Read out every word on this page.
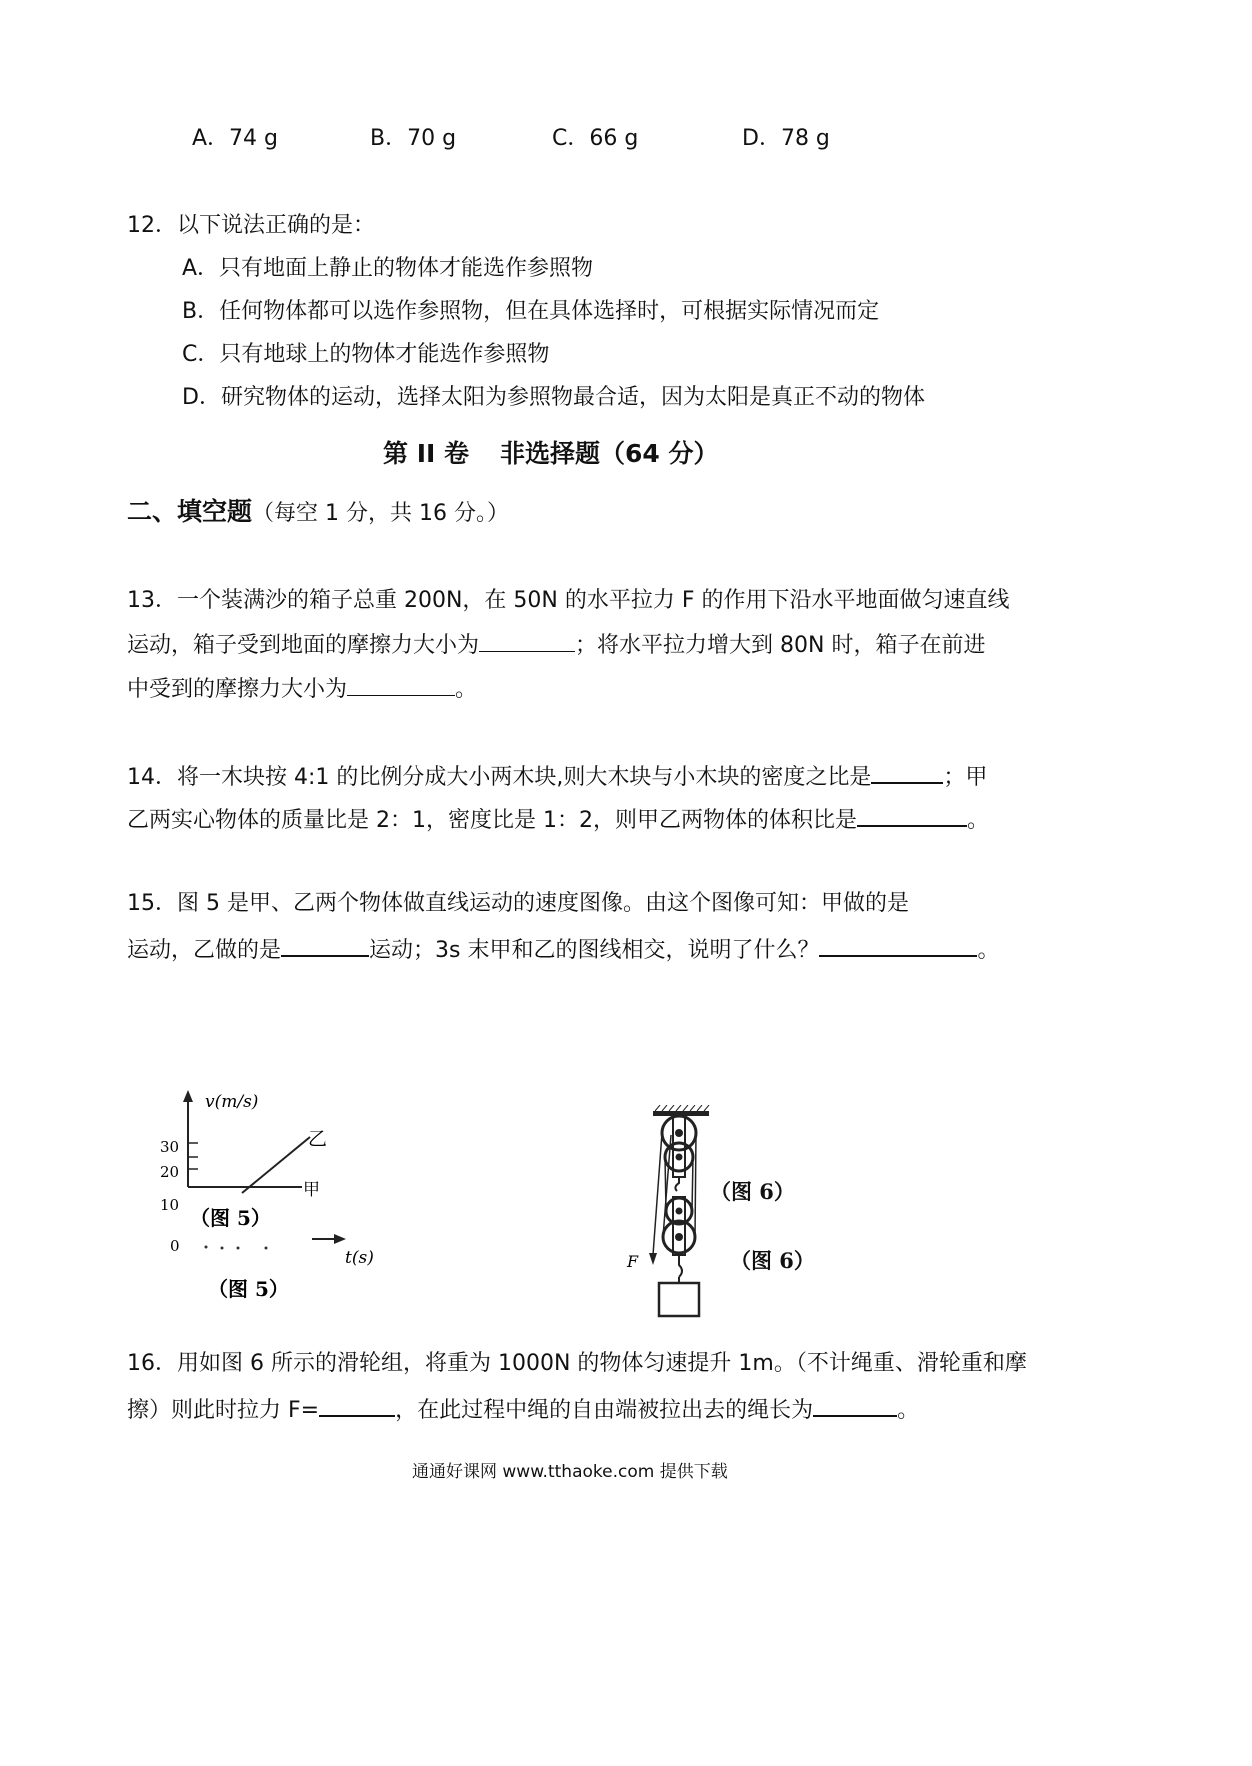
A．74 g	B．70 g	C．66 g	D．78 g
12．以下说法正确的是：
A．只有地面上静止的物体才能选作参照物
B．任何物体都可以选作参照物，但在具体选择时，可根据实际情况而定
C．只有地球上的物体才能选作参照物
D．研究物体的运动，选择太阳为参照物最合适，因为太阳是真正不动的物体
第 II 卷 非选择题（64 分）
二、填空题（每空 1 分，共 16 分。）
13．一个装满沙的箱子总重 200N，在 50N 的水平拉力 F 的作用下沿水平地面做匀速直线
运动，箱子受到地面的摩擦力大小为	；将水平拉力增大到 80N 时，箱子在前进
中受到的摩擦力大小为	。
14．将一木块按 4:1 的比例分成大小两木块,则大木块与小木块的密度之比是	；甲
乙两实心物体的质量比是 2：1，密度比是 1：2，则甲乙两物体的体积比是	。
15．图 5 是甲、乙两个物体做直线运动的速度图像。由这个图像可知：甲做的是
运动，乙做的是	运动；3s 末甲和乙的图线相交，说明了什么？	。
v(m/s)
30
20
10
0
甲
乙
（图 5）
t(s)
（图 5）
F
（图 6）
（图 6）
16．用如图 6 所示的滑轮组，将重为 1000N 的物体匀速提升 1m。（不计绳重、滑轮重和摩
擦）则此时拉力 F=	，在此过程中绳的自由端被拉出去的绳长为	。
通通好课网 www.tthaoke.com 提供下载
